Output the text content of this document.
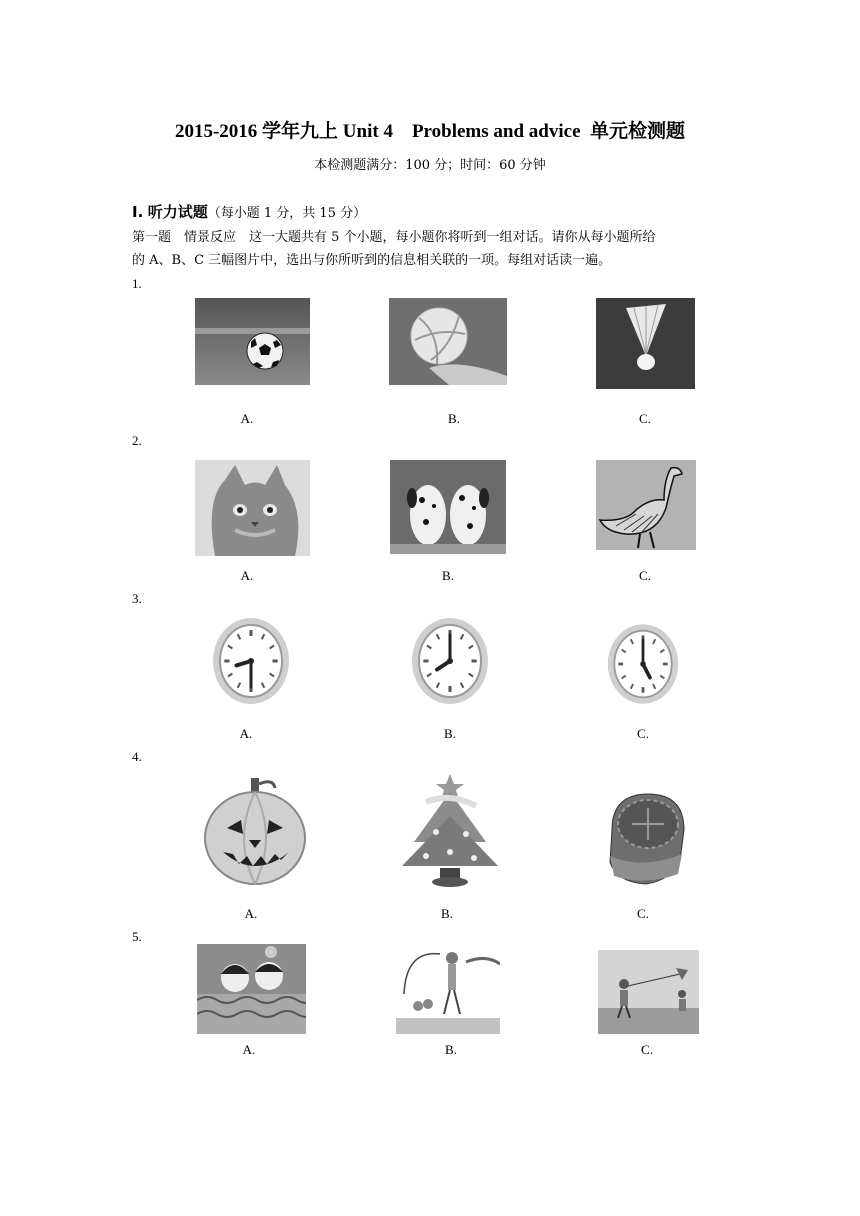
2015-2016 学年九上 Unit 4    Problems and advice  单元检测题
本检测题满分：100 分；时间：60 分钟
Ⅰ. 听力试题（每小题 1 分，共 15 分）
第一题　情景反应　这一大题共有 5 个小题，每小题你将听到一组对话。请你从每小题所给
的 A、B、C 三幅图片中，选出与你所听到的信息相关联的一项。每组对话读一遍。
1.
A.	B.	C.
2.
A.	B.	C.
3.
A.	B.	C.
4.
A.	B.	C.
5.
A.	B.	C.
